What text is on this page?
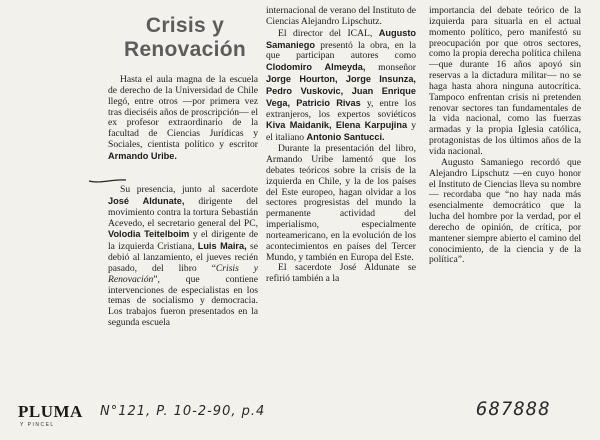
Crisis y
Renovación

Hasta el aula magna de la escuela de derecho de la Universidad de Chile llegó, entre otros —por primera vez tras dieciséis años de proscripción— el ex profesor extraordinario de la facultad de Ciencias Jurídicas y Sociales, cientista político y escritor Armando Uribe.

Su presencia, junto al sacerdote José Aldunate, dirigente del movimiento contra la tortura Sebastián Acevedo, el secretario general del PC, Volodia Teitelboim y el dirigente de la izquierda Cristiana, Luis Maira, se debió al lanzamiento, el jueves recién pasado, del libro “Crisis y Renovación”, que contiene intervenciones de especialistas en los temas de socialismo y democracia. Los trabajos fueron presentados en la segunda escuela

internacional de verano del Instituto de Ciencias Alejandro Lipschutz.

El director del ICAL, Augusto Samaniego presentó la obra, en la que participan autores como Clodomiro Almeyda, monseñor Jorge Hourton, Jorge Insunza, Pedro Vuskovic, Juan Enrique Vega, Patricio Rivas y, entre los extranjeros, los expertos soviéticos Kiva Maidanik, Elena Karpujina y el italiano Antonio Santucci.

Durante la presentación del libro, Armando Uribe lamentó que los debates teóricos sobre la crisis de la izquierda en Chile, y la de los países del Este europeo, hagan olvidar a los sectores progresistas del mundo la permanente actividad del imperialismo, especialmente norteamericano, en la evolución de los acontecimientos en países del Tercer Mundo, y también en Europa del Este.

El sacerdote José Aldunate se refirió también a la

importancia del debate teórico de la izquierda para situarla en el actual momento político, pero manifestó su preocupación por que otros sectores, como la propia derecha política chilena —que durante 16 años apoyó sin reservas a la dictadura militar— no se haga hasta ahora ninguna autocrítica. Tampoco enfrentan crisis ni pretenden renovar sectores tan fundamentales de la vida nacional, como las fuerzas armadas y la propia Iglesia católica, protagonistas de los últimos años de la vida nacional.

Augusto Samaniego recordó que Alejandro Lipschutz —en cuyo honor el Instituto de Ciencias lleva su nombre— recordaba que “no hay nada más esencialmente democrático que la lucha del hombre por la verdad, por el derecho de opinión, de crítica, por mantener siempre abierto el camino del conocimiento, de la ciencia y de la política”.

PLUMA
Y PINCEL
N°121, P. 10-2-90, p.4	687888
